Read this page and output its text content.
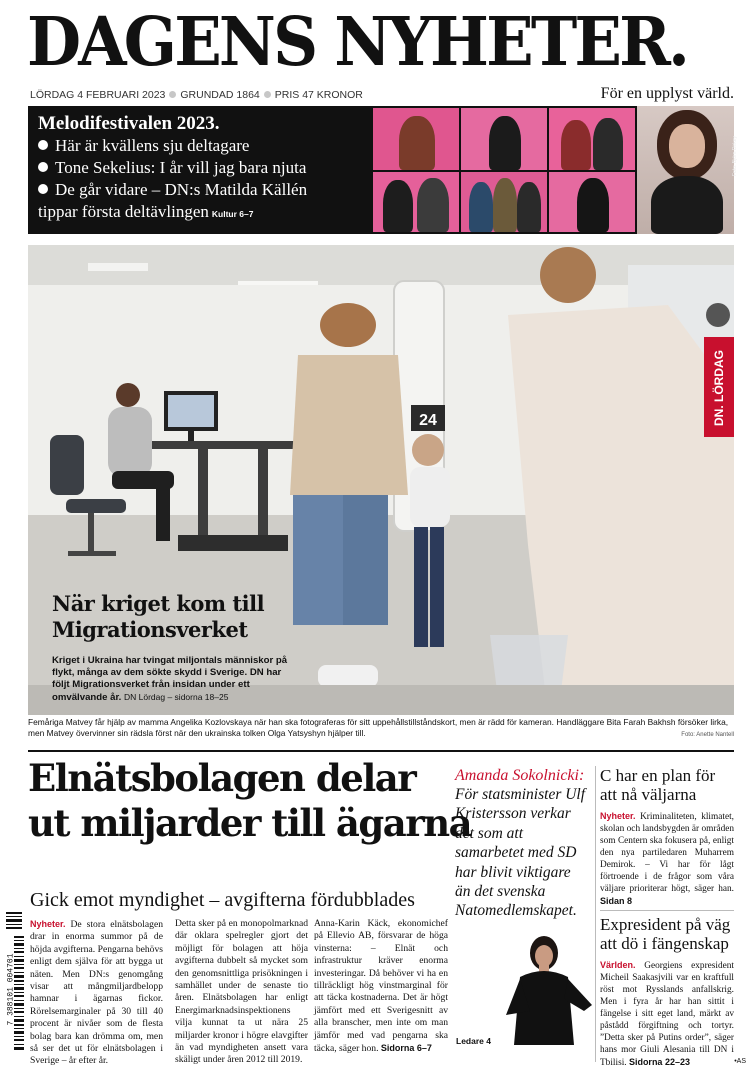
DAGENS NYHETER.
LÖRDAG 4 FEBRUARI 2023 GRUNDAD 1864 PRIS 47 KRONOR	För en upplyst värld.
Melodifestivalen 2023.
Här är kvällens sju deltagare
Tone Sekelius: I år vill jag bara njuta
De går vidare – DN:s Matilda Källén
tippar första deltävlingen Kultur 6–7
Foto: Björn Dirkey
24	DN. LÖRDAG
När kriget kom till
Migrationsverket
Kriget i Ukraina har tvingat miljontals människor på flykt, många av dem sökte skydd i Sverige. DN har följt Migrationsverket från insidan under ett omvälvande år. DN Lördag – sidorna 18–25
Femåriga Matvey får hjälp av mamma Angelika Kozlovskaya när han ska fotograferas för sitt uppehållstillståndskort, men är rädd för kameran. Handläggare Bita Farah Bakhsh försöker lirka,
men Matvey övervinner sin rädsla först när den ukrainska tolken Olga Yatsyshyn hjälper till.	Foto: Anette Nantell
Elnätsbolagen delar
ut miljarder till ägarna
Gick emot myndighet – avgifterna fördubblades
Nyheter. De stora elnätsbolagen drar in enorma summor på de höjda avgifterna. Pengarna behövs enligt dem själva för att bygga ut näten. Men DN:s genomgång visar att mångmiljardbelopp hamnar i ägarnas fickor. Rörelsemarginaler på 30 till 40 procent är nivåer som de flesta bolag bara kan drömma om, men så ser det ut för elnätsbolagen i Sverige – år efter år.
Detta sker på en monopolmarknad där oklara spelregler gjort det möjligt för bolagen att höja avgifterna dubbelt så mycket som den genomsnittliga prisökningen i samhället under de senaste tio åren. Elnätsbolagen har enligt Energimarknadsinspektionens vilja kunnat ta ut nära 25 miljarder kronor i högre elavgifter än vad myndigheten ansett vara skäligt under åren 2012 till 2019.
Anna-Karin Käck, ekonomichef på Ellevio AB, försvarar de höga vinsterna: – Elnät och infrastruktur kräver enorma investeringar. Då behöver vi ha en tillräckligt hög vinstmarginal för att täcka kostnaderna. Det är högt jämfört med ett Sverigesnitt av alla branscher, men inte om man jämför med vad pengarna ska täcka, säger hon. Sidorna 6–7
Amanda Sokolnicki:
För statsminister Ulf Kristersson verkar det som att samarbetet med SD har blivit viktigare än det svenska Natomedlemskapet.
Ledare 4
C har en plan för att nå väljarna

Nyheter. Kriminaliteten, klimatet, skolan och landsbygden är områden som Centern ska fokusera på, enligt den nya partiledaren Muharrem Demirok. – Vi har för lågt förtroende i de frågor som våra väljare prioriterar högt, säger han. Sidan 8

Expresident på väg att dö i fängenskap

Världen. Georgiens expresident Micheil Saakasjvili var en kraftfull röst mot Rysslands anfallskrig. Men i fyra år har han sittit i fängelse i sitt eget land, märkt av påstådd förgiftning och tortyr. ”Detta sker på Putins order”, säger hans mor Giuli Alesania till DN i Tbilisi. Sidorna 22–23

7 388101 004701
•AS
